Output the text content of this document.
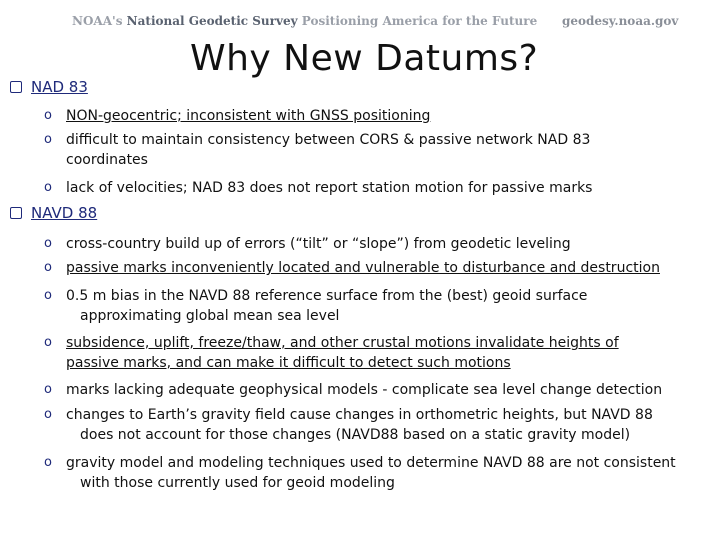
NOAA's National Geodetic Survey Positioning America for the Future geodesy.noaa.gov
Why New Datums?
NAD 83
o	NON-geocentric; inconsistent with GNSS positioning
o	difficult to maintain consistency between CORS & passive network NAD 83
coordinates
o	lack of velocities; NAD 83 does not report station motion for passive marks
NAVD 88
o	cross-country build up of errors (“tilt” or “slope”) from geodetic leveling
o	passive marks inconveniently located and vulnerable to disturbance and destruction
o	0.5 m bias in the NAVD 88 reference surface from the (best) geoid surface
approximating global mean sea level
o	subsidence, uplift, freeze/thaw, and other crustal motions invalidate heights of
passive marks, and can make it difficult to detect such motions
o	marks lacking adequate geophysical models - complicate sea level change detection
o	changes to Earth’s gravity field cause changes in orthometric heights, but NAVD 88
does not account for those changes (NAVD88 based on a static gravity model)
o	gravity model and modeling techniques used to determine NAVD 88 are not consistent
with those currently used for geoid modeling
